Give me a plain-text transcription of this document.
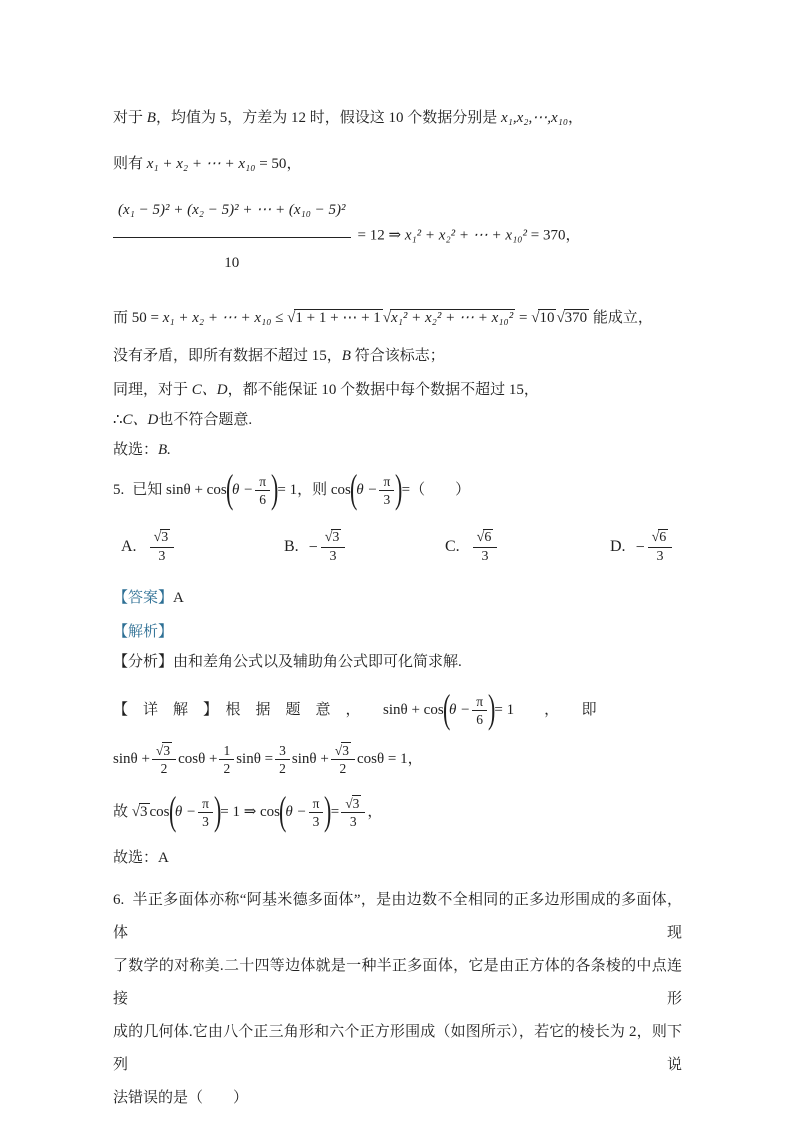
对于 B，均值为 5，方差为 12 时，假设这 10 个数据分别是 x₁,x₂,⋯,x₁₀，
则有 x₁ + x₂ + ⋯ + x₁₀ = 50，
$\frac{\text{(x₁ − 5)² + (x₂ − 5)² + ⋯ + (x₁₀ − 5)²}}{10} = 12$ ⇒ x₁² + x₂² + ⋯ + x₁₀² = 370，
而 50 = x₁ + x₂ + ⋯ + x₁₀ ≤ √1 + 1 + ⋯ + 1 √x₁² + x₂² + ⋯ + x₁₀² = √10 √370 能成立，
没有矛盾，即所有数据不超过 15，B 符合该标志；
同理，对于 C、D，都不能保证 10 个数据中每个数据不超过 15，
∴C、D也不符合题意.
故选：B.
5. 已知 $\sin\theta + \cos(\theta - \frac{\pi}{6}$ )= 1，则 $\cos(\theta - \frac{\pi}{3}$ )=（　　）
A. $\frac{√3}{3}$	B. − $\frac{√3}{3}$	C. $\frac{√6}{3}$	D. − $\frac{√6}{3}$
【答案】A
【解析】
【分析】由和差角公式以及辅助角公式即可化简求解.
【　详　解　】　根　据　题　意　，　　$\sin\theta + \cos(\theta - \frac{\pi}{6}$ )= 1　　，　　即
$\sin\theta + \frac{√3}{2}$ $\cos\theta + \frac{1}{2}$ $\sin\theta = \frac{3}{2}$ $\sin\theta + \frac{√3}{2}$ cosθ = 1，
故 √3 $\cos(\theta - \frac{\pi}{3}$ )= 1 ⇒ $\cos(\theta - \frac{\pi}{3}$ )= $\frac{√3}{3}$ ，
故选：A
6. 半正多面体亦称“阿基米德多面体”，是由边数不全相同的正多边形围成的多面体，体现
了数学的对称美.二十四等边体就是一种半正多面体，它是由正方体的各条棱的中点连接形
成的几何体.它由八个正三角形和六个正方形围成（如图所示），若它的棱长为 2，则下列说
法错误的是（　　）
